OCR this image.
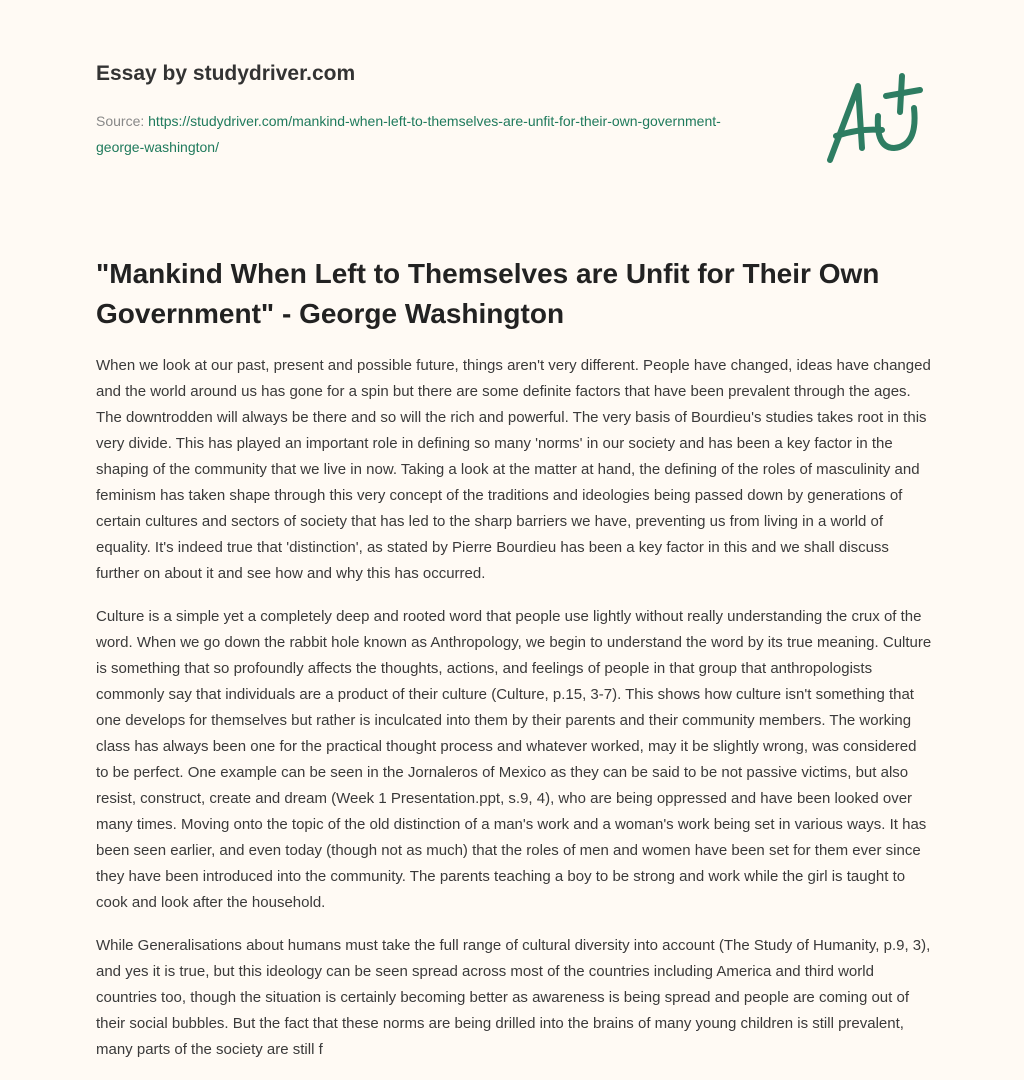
Essay by studydriver.com
Source: https://studydriver.com/mankind-when-left-to-themselves-are-unfit-for-their-own-government-george-washington/
"Mankind When Left to Themselves are Unfit for Their Own Government" - George Washington

When we look at our past, present and possible future, things aren't very different. People have changed, ideas have changed and the world around us has gone for a spin but there are some definite factors that have been prevalent through the ages. The downtrodden will always be there and so will the rich and powerful. The very basis of Bourdieu's studies takes root in this very divide. This has played an important role in defining so many 'norms' in our society and has been a key factor in the shaping of the community that we live in now. Taking a look at the matter at hand, the defining of the roles of masculinity and feminism has taken shape through this very concept of the traditions and ideologies being passed down by generations of certain cultures and sectors of society that has led to the sharp barriers we have, preventing us from living in a world of equality. It's indeed true that 'distinction', as stated by Pierre Bourdieu has been a key factor in this and we shall discuss further on about it and see how and why this has occurred.

Culture is a simple yet a completely deep and rooted word that people use lightly without really understanding the crux of the word. When we go down the rabbit hole known as Anthropology, we begin to understand the word by its true meaning. Culture is something that so profoundly affects the thoughts, actions, and feelings of people in that group that anthropologists commonly say that individuals are a product of their culture (Culture, p.15, 3-7). This shows how culture isn't something that one develops for themselves but rather is inculcated into them by their parents and their community members. The working class has always been one for the practical thought process and whatever worked, may it be slightly wrong, was considered to be perfect. One example can be seen in the Jornaleros of Mexico as they can be said to be not passive victims, but also resist, construct, create and dream (Week 1 Presentation.ppt, s.9, 4), who are being oppressed and have been looked over many times. Moving onto the topic of the old distinction of a man's work and a woman's work being set in various ways. It has been seen earlier, and even today (though not as much) that the roles of men and women have been set for them ever since they have been introduced into the community. The parents teaching a boy to be strong and work while the girl is taught to cook and look after the household.

While Generalisations about humans must take the full range of cultural diversity into account (The Study of Humanity, p.9, 3), and yes it is true, but this ideology can be seen spread across most of the countries including America and third world countries too, though the situation is certainly becoming better as awareness is being spread and people are coming out of their social bubbles. But the fact that these norms are being drilled into the brains of many young children is still prevalent, many parts of the society are still f
